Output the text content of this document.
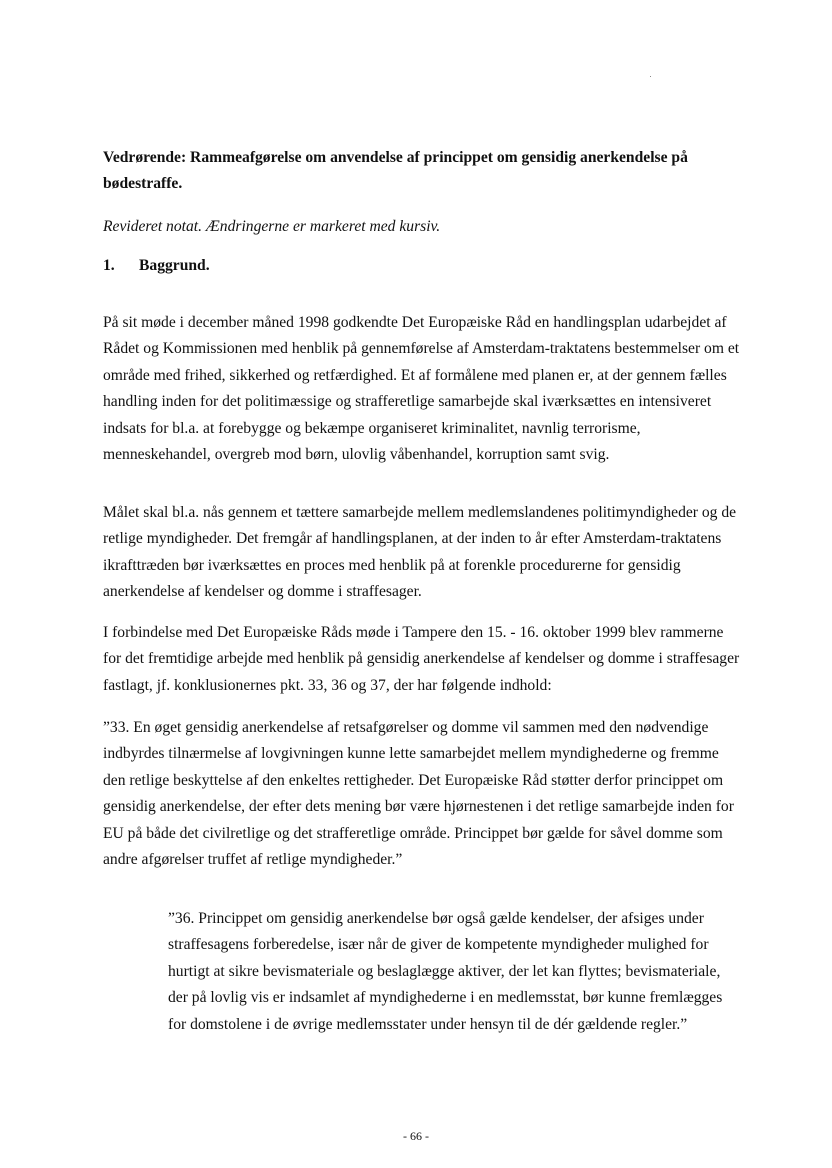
Vedrørende: Rammeafgørelse om anvendelse af princippet om gensidig anerkendelse på bødestraffe.

Revideret notat. Ændringerne er markeret med kursiv.

1. Baggrund.

På sit møde i december måned 1998 godkendte Det Europæiske Råd en handlingsplan udarbejdet af Rådet og Kommissionen med henblik på gennemførelse af Amsterdam-traktatens bestemmelser om et område med frihed, sikkerhed og retfærdighed. Et af formålene med planen er, at der gennem fælles handling inden for det politimæssige og strafferetlige samarbejde skal iværksættes en intensiveret indsats for bl.a. at forebygge og bekæmpe organiseret kriminalitet, navnlig terrorisme, menneskehandel, overgreb mod børn, ulovlig våbenhandel, korruption samt svig.

Målet skal bl.a. nås gennem et tættere samarbejde mellem medlemslandenes politimyndigheder og de retlige myndigheder. Det fremgår af handlingsplanen, at der inden to år efter Amsterdam-traktatens ikrafttræden bør iværksættes en proces med henblik på at forenkle procedurerne for gensidig anerkendelse af kendelser og domme i straffesager.

I forbindelse med Det Europæiske Råds møde i Tampere den 15. - 16. oktober 1999 blev rammerne for det fremtidige arbejde med henblik på gensidig anerkendelse af kendelser og domme i straffesager fastlagt, jf. konklusionernes pkt. 33, 36 og 37, der har følgende indhold:

”33. En øget gensidig anerkendelse af retsafgørelser og domme vil sammen med den nødvendige indbyrdes tilnærmelse af lovgivningen kunne lette samarbejdet mellem myndighederne og fremme den retlige beskyttelse af den enkeltes rettigheder. Det Europæiske Råd støtter derfor princippet om gensidig anerkendelse, der efter dets mening bør være hjørnestenen i det retlige samarbejde inden for EU på både det civilretlige og det strafferetlige område. Princippet bør gælde for såvel domme som andre afgørelser truffet af retlige myndigheder.”

”36. Princippet om gensidig anerkendelse bør også gælde kendelser, der afsiges under straffesagens forberedelse, især når de giver de kompetente myndigheder mulighed for hurtigt at sikre bevismateriale og beslaglægge aktiver, der let kan flyttes; bevismateriale, der på lovlig vis er indsamlet af myndighederne i en medlemsstat, bør kunne fremlægges for domstolene i de øvrige medlemsstater under hensyn til de dér gældende regler.”

- 66 -
